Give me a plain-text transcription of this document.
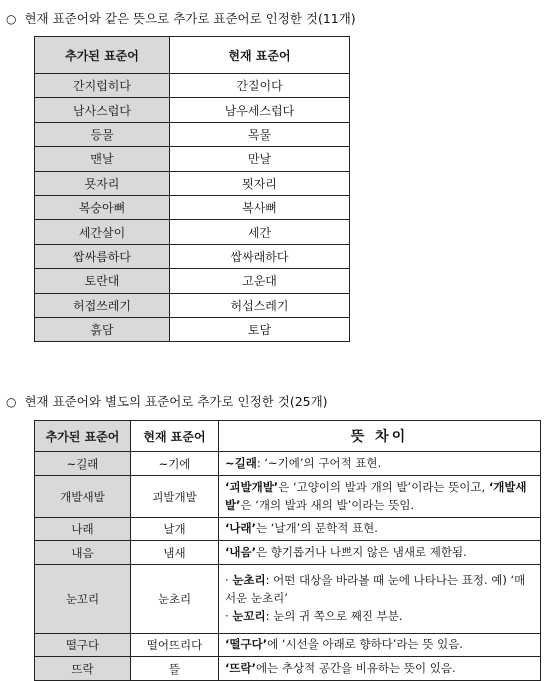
○ 현재 표준어와 같은 뜻으로 추가로 표준어로 인정한 것(11개)
추가된 표준어	현재 표준어
간지럽히다	간질이다
남사스럽다	남우세스럽다
등물	목물
맨날	만날
묫자리	묏자리
복숭아뼈	복사뼈
세간살이	세간
쌉싸름하다	쌉싸래하다
토란대	고운대
허접쓰레기	허섭스레기
흙담	토담
○ 현재 표준어와 별도의 표준어로 추가로 인정한 것(25개)
추가된 표준어	현재 표준어	뜻 차이
~길래	~기에	~길래: ‘~기에’의 구어적 표현.
개발새발	괴발개발	‘괴발개발’은 ‘고양이의 발과 개의 발’이라는 뜻이고, ‘개발새발’은 ‘개의 발과 새의 발’이라는 뜻임.
나래	날개	‘나래’는 ‘날개’의 문학적 표현.
내음	냄새	‘내음’은 향기롭거나 나쁘지 않은 냄새로 제한됨.
눈꼬리	눈초리	· 눈초리: 어떤 대상을 바라볼 때 눈에 나타나는 표정. 예) ‘매서운 눈초리’
· 눈꼬리: 눈의 귀 쪽으로 째진 부분.

떨구다	떨어뜨리다	‘떨구다’에 ‘시선을 아래로 향하다’라는 뜻 있음.
뜨락	뜰	‘뜨락’에는 추상적 공간을 비유하는 뜻이 있음.
